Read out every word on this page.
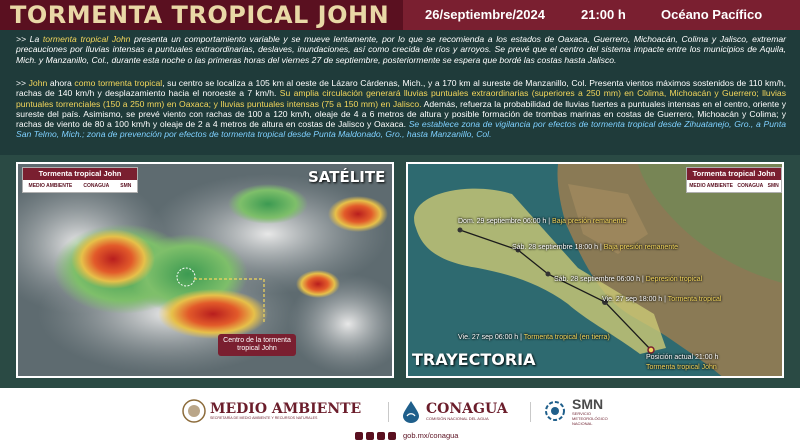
TORMENTA TROPICAL JOHN	26/septiembre/2024	21:00 h	Océano Pacífico
>> La tormenta tropical John presenta un comportamiento variable y se mueve lentamente, por lo que se recomienda a los estados de Oaxaca, Guerrero, Michoacán, Colima y Jalisco, extremar precauciones por lluvias intensas a puntuales extraordinarias, deslaves, inundaciones, así como crecida de ríos y arroyos. Se prevé que el centro del sistema impacte entre los municipios de Aquila, Mich. y Manzanillo, Col., durante esta noche o las primeras horas del viernes 27 de septiembre, posteriormente se espera que bordé las costas hasta Jalisco.
>> John ahora como tormenta tropical, su centro se localiza a 105 km al oeste de Lázaro Cárdenas, Mich., y a 170 km al sureste de Manzanillo, Col. Presenta vientos máximos sostenidos de 110 km/h, rachas de 140 km/h y desplazamiento hacia el noroeste a 7 km/h. Su amplia circulación generará lluvias puntuales extraordinarias (superiores a 250 mm) en Colima, Michoacán y Guerrero; lluvias puntuales torrenciales (150 a 250 mm) en Oaxaca; y lluvias puntuales intensas (75 a 150 mm) en Jalisco. Además, refuerza la probabilidad de lluvias fuertes a puntuales intensas en el centro, oriente y sureste del país. Asimismo, se prevé viento con rachas de 100 a 120 km/h, oleaje de 4 a 6 metros de altura y posible formación de trombas marinas en costas de Guerrero, Michoacán y Colima; y rachas de viento de 80 a 100 km/h y oleaje de 2 a 4 metros de altura en costas de Jalisco y Oaxaca. Se establece zona de vigilancia por efectos de tormenta tropical desde Zihuatanejo, Gro., a Punta San Telmo, Mich.; zona de prevención por efectos de tormenta tropical desde Punta Maldonado, Gro., hasta Manzanillo, Col.
Tormenta tropical John
MEDIO AMBIENTE CONAGUA SMN	SATÉLITE
Centro de la tormenta tropical John
Tormenta tropical John
MEDIO AMBIENTE CONAGUA SMN
Dom. 29 septiembre 06:00 h | Baja presión remanente
Sáb. 28 septiembre 18:00 h | Baja presión remanente
Sáb. 28 septiembre 06:00 h | Depresión tropical
Vie. 27 sep 18:00 h | Tormenta tropical
Vie. 27 sep 06:00 h | Tormenta tropical (en tierra)
Posición actual 21:00 h
Tormenta tropical John
TRAYECTORIA
MEDIO AMBIENTE
SECRETARÍA DE MEDIO AMBIENTE Y RECURSOS NATURALES
CONAGUA
COMISIÓN NACIONAL DEL AGUA
SMN
SERVICIO METEOROLÓGICO NACIONAL
gob.mx/conagua
